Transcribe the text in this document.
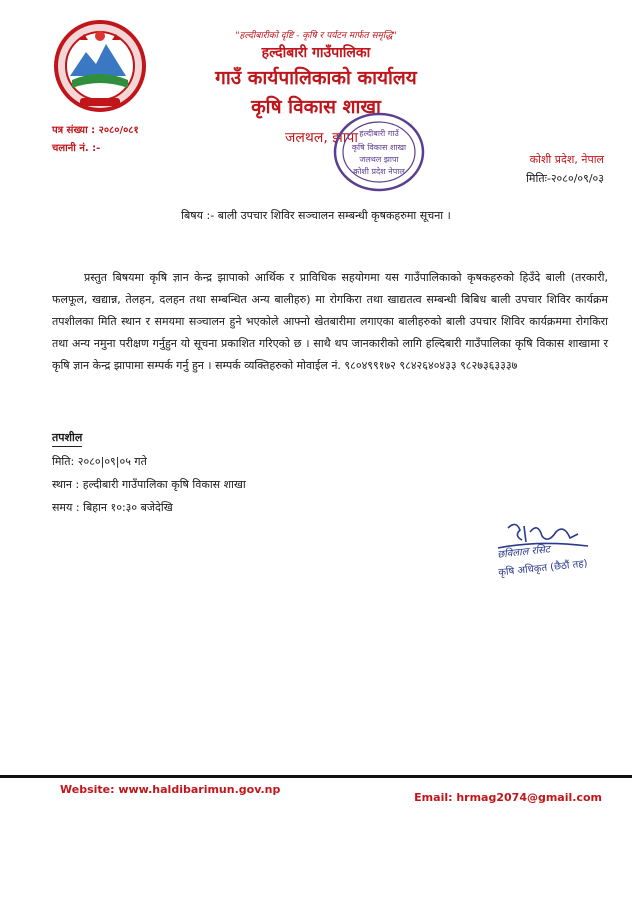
"हल्दीबारीको दृष्टि - कृषि र पर्यटन मार्फत समृद्धि"
हल्दीबारी गाउँपालिका
गाउँ कार्यपालिकाको कार्यालय
कृषि विकास शाखा
जलथल, झापा
पत्र संख्या : २०८०/०८१
चलानी नं. :-
हल्दीबारी गाउँ
कृषि विकास शाखा
जलथल झापा
कोशी प्रदेश नेपाल
कोशी प्रदेश, नेपाल
मितिः-२०८०/०९/०३
बिषय :- बाली उपचार शिविर सञ्चालन सम्बन्धी कृषकहरुमा सूचना ।

प्रस्तुत बिषयमा कृषि ज्ञान केन्द्र झापाको आर्थिक र प्राविधिक सहयोगमा यस गाउँपालिकाको कृषकहरुको हिउँदे बाली (तरकारी, फलफूल, खद्यान्न, तेलहन, दलहन तथा सम्बन्धित अन्य बालीहरु) मा रोगकिरा तथा खाद्यतत्व सम्बन्धी बिबिध बाली उपचार शिविर कार्यक्रम तपशीलका मिति स्थान र समयमा सञ्चालन हुने भएकोले आफ्नो खेतबारीमा लगाएका बालीहरुको बाली उपचार शिविर कार्यक्रममा रोगकिरा तथा अन्य नमुना परीक्षण गर्नुहुन यो सूचना प्रकाशित गरिएको छ । साथै थप जानकारीको लागि हल्दिबारी गाउँपालिका कृषि विकास शाखामा र कृषि ज्ञान केन्द्र झापामा सम्पर्क गर्नु हुन । सम्पर्क व्यक्तिहरुको मोवाईल नं. ९८०४९९१७२ ९८४२६४०४३३ ९८२७३६३३३७

तपशील
मिति: २०८०|०९|०५ गते
स्थान : हल्दीबारी गाउँपालिका कृषि विकास शाखा
समय : बिहान १०:३० बजेदेखि
छविलाल रसिट
कृषि अधिकृत (छैठौं तह)
Website: www.haldibarimun.gov.np
Email: hrmag2074@gmail.com
